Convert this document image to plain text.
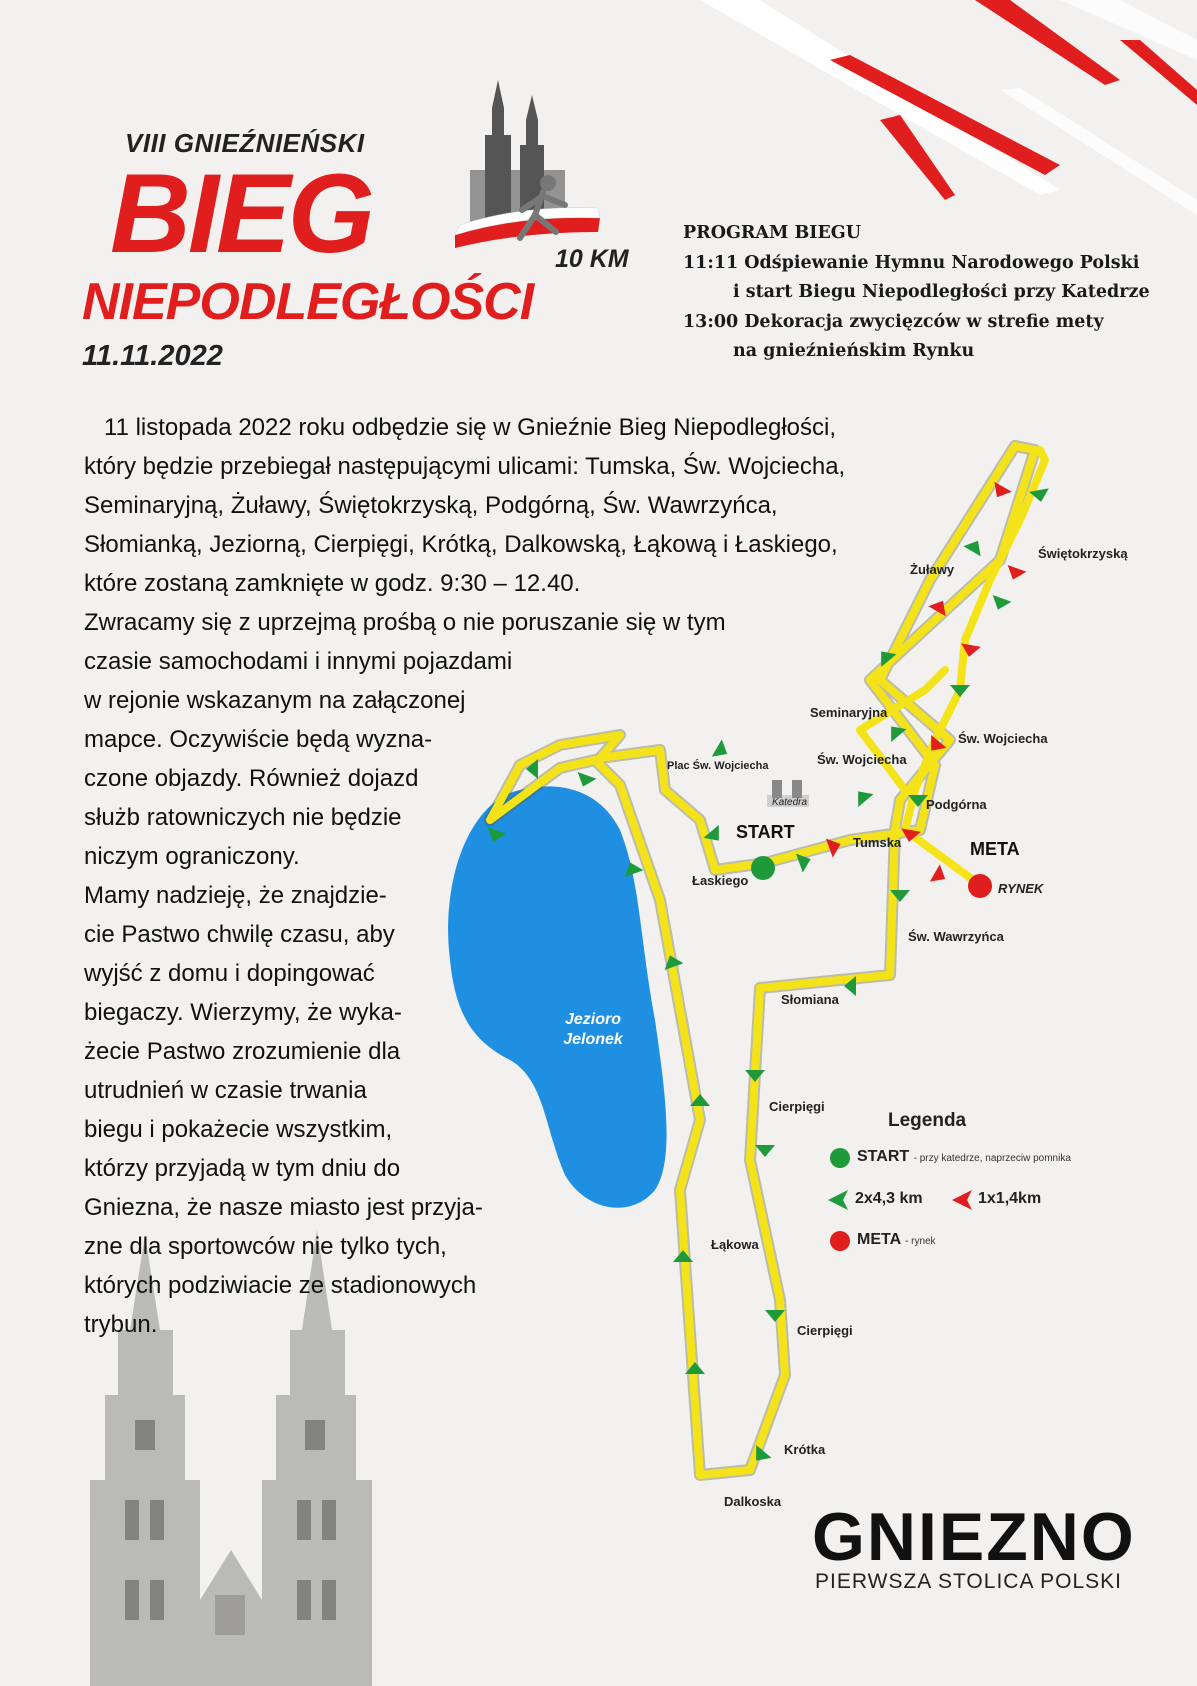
VIII GNIEŹNIEŃSKI
BIEG
NIEPODLEGŁOŚCI
10 KM
11.11.2022
PROGRAM BIEGU
11:11 Odśpiewanie Hymnu Narodowego Polski
i start Biegu Niepodległości przy Katedrze
13:00 Dekoracja zwycięzców w strefie mety
na gnieźnieńskim Rynku
Żuławy
Świętokrzyską
Seminaryjna
Św. Wojciecha
Św. Wojciecha
Plac Św. Wojciecha
Katedra	Podgórna
START
Tumska	META
Łaskiego
RYNEK
Św. Wawrzyńca
Słomiana
Cierpięgi
Łąkowa
Cierpięgi
Krótka
Dalkoska
Jezioro
Jelonek
Legenda
START - przy katedrze, naprzeciw pomnika
2x4,3 km	1x1,4km
META - rynek
11 listopada 2022 roku odbędzie się w Gnieźnie Bieg Niepodległości,
który będzie przebiegał następującymi ulicami: Tumska, Św. Wojciecha,
Seminaryjną, Żuławy, Świętokrzyską, Podgórną, Św. Wawrzyńca,
Słomianką, Jeziorną, Cierpięgi, Krótką, Dalkowską, Łąkową i Łaskiego,
które zostaną zamknięte w godz. 9:30 – 12.40.
Zwracamy się z uprzejmą prośbą o nie poruszanie się w tym
czasie samochodami i innymi pojazdami
w rejonie wskazanym na załączonej
mapce. Oczywiście będą wyzna-
czone objazdy. Również dojazd
służb ratowniczych nie będzie
niczym ograniczony.
Mamy nadzieję, że znajdzie-
cie Pastwo chwilę czasu, aby
wyjść z domu i dopingować
biegaczy. Wierzymy, że wyka-
żecie Pastwo zrozumienie dla
utrudnień w czasie trwania
biegu i pokażecie wszystkim,
którzy przyjadą w tym dniu do
Gniezna, że nasze miasto jest przyja-
zne dla sportowców nie tylko tych,
których podziwiacie ze stadionowych
trybun.
GNIEZNO
PIERWSZA STOLICA POLSKI
